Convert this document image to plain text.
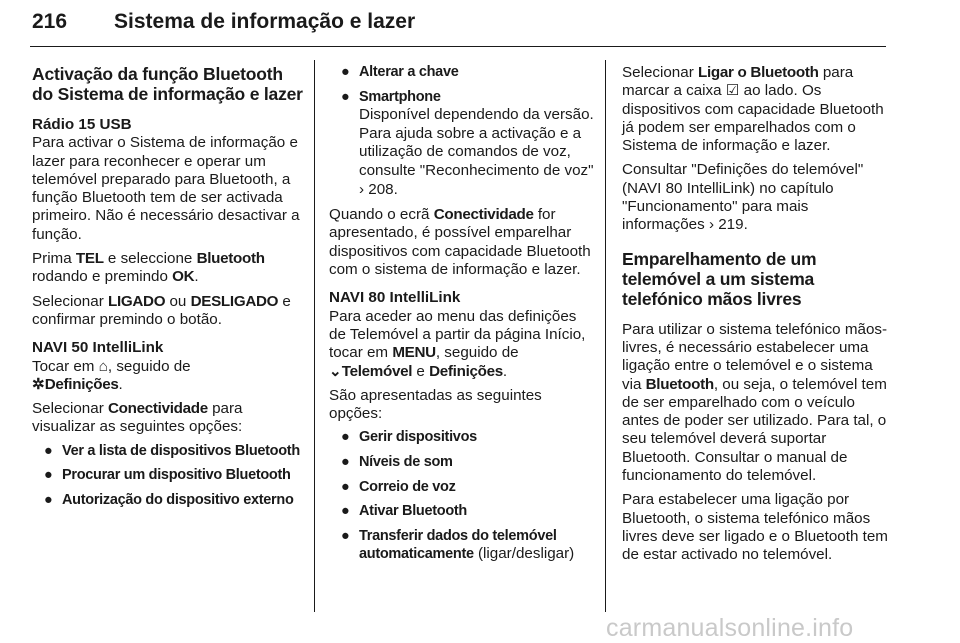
216 Sistema de informação e lazer
Activação da função Bluetooth do Sistema de informação e lazer
Rádio 15 USB

Para activar o Sistema de informação e lazer para reconhecer e operar um telemóvel preparado para Bluetooth, a função Bluetooth tem de ser activada primeiro. Não é necessário desactivar a função.

Prima TEL e seleccione Bluetooth rodando e premindo OK.

Selecionar LIGADO ou DESLIGADO e confirmar premindo o botão.

NAVI 50 IntelliLink

Tocar em ⌂, seguido de
✲Definições.

Selecionar Conectividade para visualizar as seguintes opções:

● Ver a lista de dispositivos Bluetooth
● Procurar um dispositivo Bluetooth
● Autorização do dispositivo externo
● Alterar a chave
● Smartphone
Disponível dependendo da versão. Para ajuda sobre a activação e a utilização de comandos de voz, consulte "Reconhecimento de voz" › 208.

Quando o ecrã Conectividade for apresentado, é possível emparelhar dispositivos com capacidade Bluetooth com o sistema de informação e lazer.

NAVI 80 IntelliLink

Para aceder ao menu das definições de Telemóvel a partir da página Início, tocar em MENU, seguido de
⌄Telemóvel e Definições.

São apresentadas as seguintes opções:

● Gerir dispositivos
● Níveis de som
● Correio de voz
● Ativar Bluetooth
● Transferir dados do telemóvel automaticamente (ligar/desligar)

Selecionar Ligar o Bluetooth para marcar a caixa ☑ ao lado. Os dispositivos com capacidade Bluetooth já podem ser emparelhados com o Sistema de informação e lazer.

Consultar "Definições do telemóvel" (NAVI 80 IntelliLink) no capítulo "Funcionamento" para mais informações › 219.

Emparelhamento de um telemóvel a um sistema telefónico mãos livres

Para utilizar o sistema telefónico mãos-livres, é necessário estabelecer uma ligação entre o telemóvel e o sistema via Bluetooth, ou seja, o telemóvel tem de ser emparelhado com o veículo antes de poder ser utilizado. Para tal, o seu telemóvel deverá suportar Bluetooth. Consultar o manual de funcionamento do telemóvel.

Para estabelecer uma ligação por Bluetooth, o sistema telefónico mãos livres deve ser ligado e o Bluetooth tem de estar activado no telemóvel.

carmanualsonline.info
